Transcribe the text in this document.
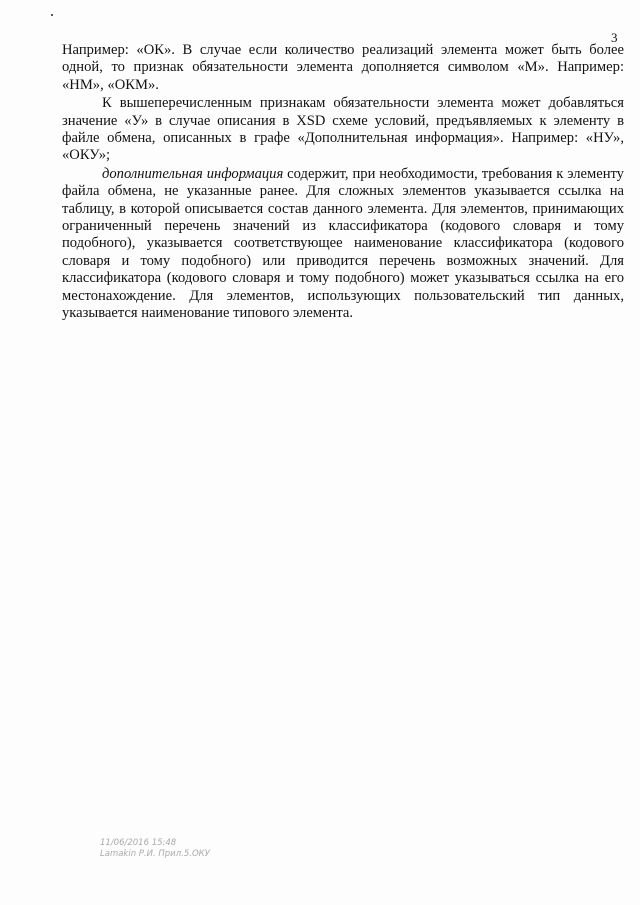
3

Например: «ОК». В случае если количество реализаций элемента может быть более одной, то признак обязательности элемента дополняется символом «М». Например: «НМ», «ОКМ».

К вышеперечисленным признакам обязательности элемента может добавляться значение «У» в случае описания в XSD схеме условий, предъявляемых к элементу в файле обмена, описанных в графе «Дополнительная информация». Например: «НУ», «ОКУ»;

дополнительная информация содержит, при необходимости, требования к элементу файла обмена, не указанные ранее. Для сложных элементов указывается ссылка на таблицу, в которой описывается состав данного элемента. Для элементов, принимающих ограниченный перечень значений из классификатора (кодового словаря и тому подобного), указывается соответствующее наименование классификатора (кодового словаря и тому подобного) или приводится перечень возможных значений. Для классификатора (кодового словаря и тому подобного) может указываться ссылка на его местонахождение. Для элементов, использующих пользовательский тип данных, указывается наименование типового элемента.

11/06/2016 15:48
Lamakin Р.И. Прил.5.ОКУ
